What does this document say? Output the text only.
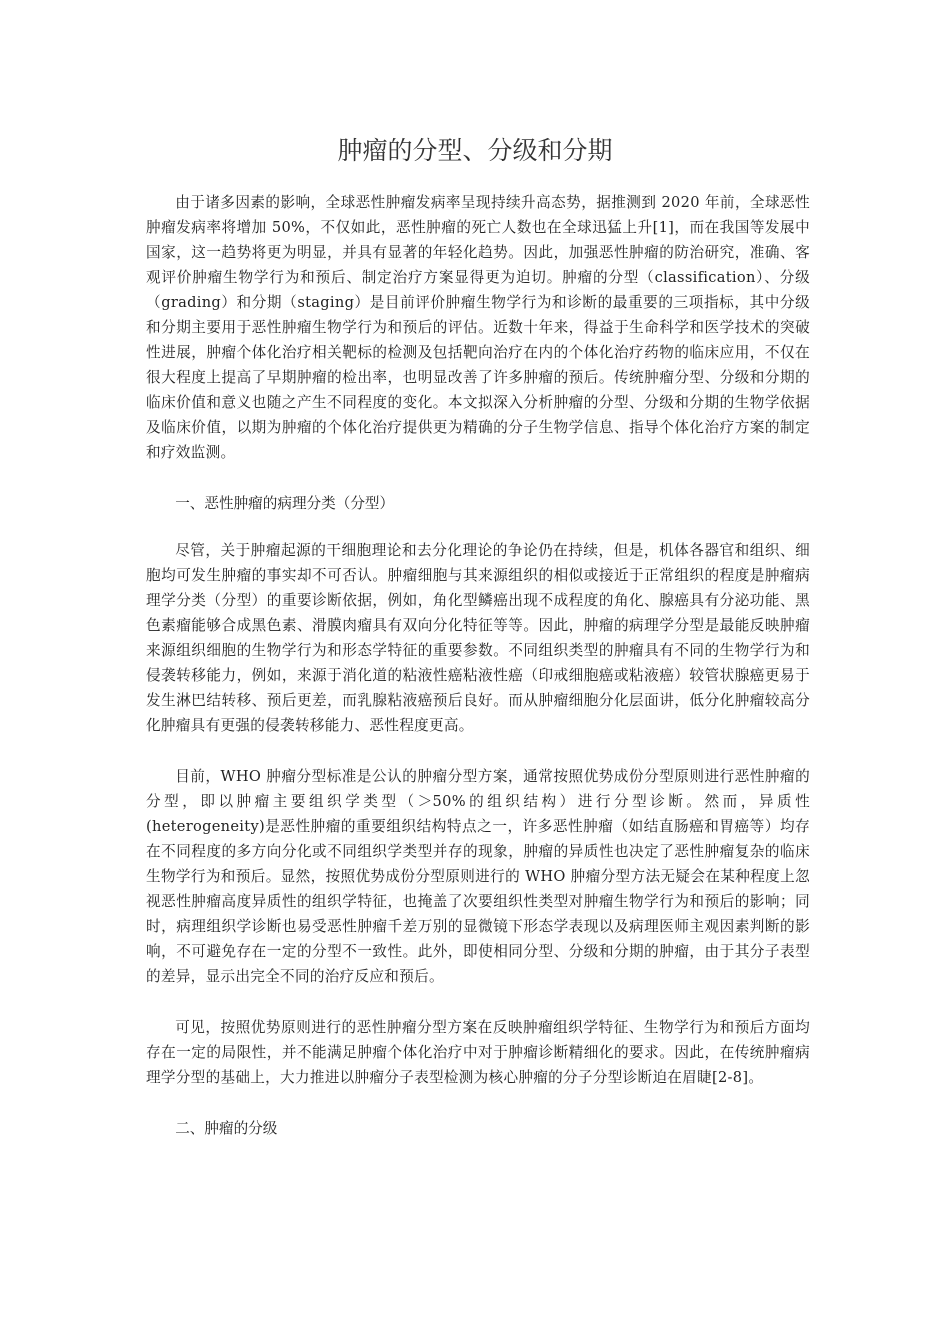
肿瘤的分型、分级和分期

由于诸多因素的影响，全球恶性肿瘤发病率呈现持续升高态势，据推测到 2020 年前，全球恶性肿瘤发病率将增加 50%，不仅如此，恶性肿瘤的死亡人数也在全球迅猛上升[1]，而在我国等发展中国家，这一趋势将更为明显，并具有显著的年轻化趋势。因此，加强恶性肿瘤的防治研究，准确、客观评价肿瘤生物学行为和预后、制定治疗方案显得更为迫切。肿瘤的分型（classification）、分级（grading）和分期（staging）是目前评价肿瘤生物学行为和诊断的最重要的三项指标，其中分级和分期主要用于恶性肿瘤生物学行为和预后的评估。近数十年来，得益于生命科学和医学技术的突破性进展，肿瘤个体化治疗相关靶标的检测及包括靶向治疗在内的个体化治疗药物的临床应用，不仅在很大程度上提高了早期肿瘤的检出率，也明显改善了许多肿瘤的预后。传统肿瘤分型、分级和分期的临床价值和意义也随之产生不同程度的变化。本文拟深入分析肿瘤的分型、分级和分期的生物学依据及临床价值，以期为肿瘤的个体化治疗提供更为精确的分子生物学信息、指导个体化治疗方案的制定和疗效监测。

一、恶性肿瘤的病理分类（分型）

尽管，关于肿瘤起源的干细胞理论和去分化理论的争论仍在持续，但是，机体各器官和组织、细胞均可发生肿瘤的事实却不可否认。肿瘤细胞与其来源组织的相似或接近于正常组织的程度是肿瘤病理学分类（分型）的重要诊断依据，例如，角化型鳞癌出现不成程度的角化、腺癌具有分泌功能、黑色素瘤能够合成黑色素、滑膜肉瘤具有双向分化特征等等。因此，肿瘤的病理学分型是最能反映肿瘤来源组织细胞的生物学行为和形态学特征的重要参数。不同组织类型的肿瘤具有不同的生物学行为和侵袭转移能力，例如，来源于消化道的粘液性癌粘液性癌（印戒细胞癌或粘液癌）较管状腺癌更易于发生淋巴结转移、预后更差，而乳腺粘液癌预后良好。而从肿瘤细胞分化层面讲，低分化肿瘤较高分化肿瘤具有更强的侵袭转移能力、恶性程度更高。

目前，WHO 肿瘤分型标准是公认的肿瘤分型方案，通常按照优势成份分型原则进行恶性肿瘤的分型，即以肿瘤主要组织学类型（＞50%的组织结构）进行分型诊断。然而，异质性(heterogeneity)是恶性肿瘤的重要组织结构特点之一，许多恶性肿瘤（如结直肠癌和胃癌等）均存在不同程度的多方向分化或不同组织学类型并存的现象，肿瘤的异质性也决定了恶性肿瘤复杂的临床生物学行为和预后。显然，按照优势成份分型原则进行的 WHO 肿瘤分型方法无疑会在某种程度上忽视恶性肿瘤高度异质性的组织学特征，也掩盖了次要组织性类型对肿瘤生物学行为和预后的影响；同时，病理组织学诊断也易受恶性肿瘤千差万别的显微镜下形态学表现以及病理医师主观因素判断的影响，不可避免存在一定的分型不一致性。此外，即使相同分型、分级和分期的肿瘤，由于其分子表型的差异，显示出完全不同的治疗反应和预后。

可见，按照优势原则进行的恶性肿瘤分型方案在反映肿瘤组织学特征、生物学行为和预后方面均存在一定的局限性，并不能满足肿瘤个体化治疗中对于肿瘤诊断精细化的要求。因此，在传统肿瘤病理学分型的基础上，大力推进以肿瘤分子表型检测为核心肿瘤的分子分型诊断迫在眉睫[2-8]。

二、肿瘤的分级
